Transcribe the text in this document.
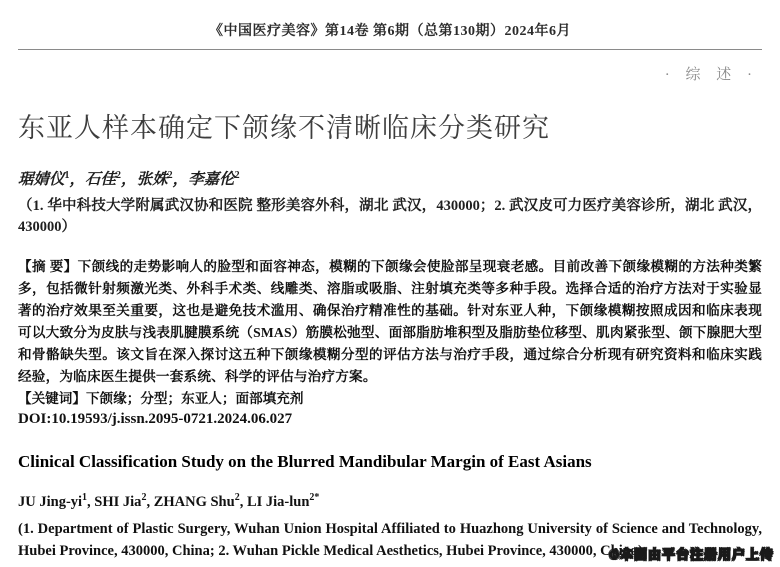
《中国医疗美容》第14卷 第6期（总第130期）2024年6月
· 综 述 ·
东亚人样本确定下颌缘不清晰临床分类研究
琚婧仪$^1$，石佳$^2$，张姝$^2$，李嘉伦$^2$
（1. 华中科技大学附属武汉协和医院 整形美容外科，湖北 武汉，430000；2. 武汉皮可力医疗美容诊所，湖北 武汉，430000）

【摘 要】下颌线的走势影响人的脸型和面容神态，模糊的下颌缘会使脸部呈现衰老感。目前改善下颌缘模糊的方法种类繁多，包括微针射频激光类、外科手术类、线雕类、溶脂或吸脂、注射填充类等多种手段。选择合适的治疗方法对于实验显著的治疗效果至关重要，这也是避免技术滥用、确保治疗精准性的基础。针对东亚人种，下颌缘模糊按照成因和临床表现可以大致分为皮肤与浅表肌腱膜系统（SMAS）筋膜松弛型、面部脂肪堆积型及脂肪垫位移型、肌肉紧张型、颌下腺肥大型和骨骼缺失型。该文旨在深入探讨这五种下颌缘模糊分型的评估方法与治疗手段，通过综合分析现有研究资料和临床实践经验，为临床医生提供一套系统、科学的评估与治疗方案。

【关键词】下颌缘；分型；东亚人；面部填充剂
DOI:10.19593/j.issn.2095-0721.2024.06.027
Clinical Classification Study on the Blurred Mandibular Margin of East Asians
JU Jing-$yi^1$, SHI Jia$^2$, ZHANG Shu$^2$, LI Jia-lun$^{2*}$
(1. Department of Plastic Surgery, Wuhan Union Hospital Affiliated to Huazhong University of Science and Technology, Hubei Province, 430000, China; 2. Wuhan Pickle Medical Aesthetics, Hubei Province, 430000, China)
©本图由平台注册用户上传
